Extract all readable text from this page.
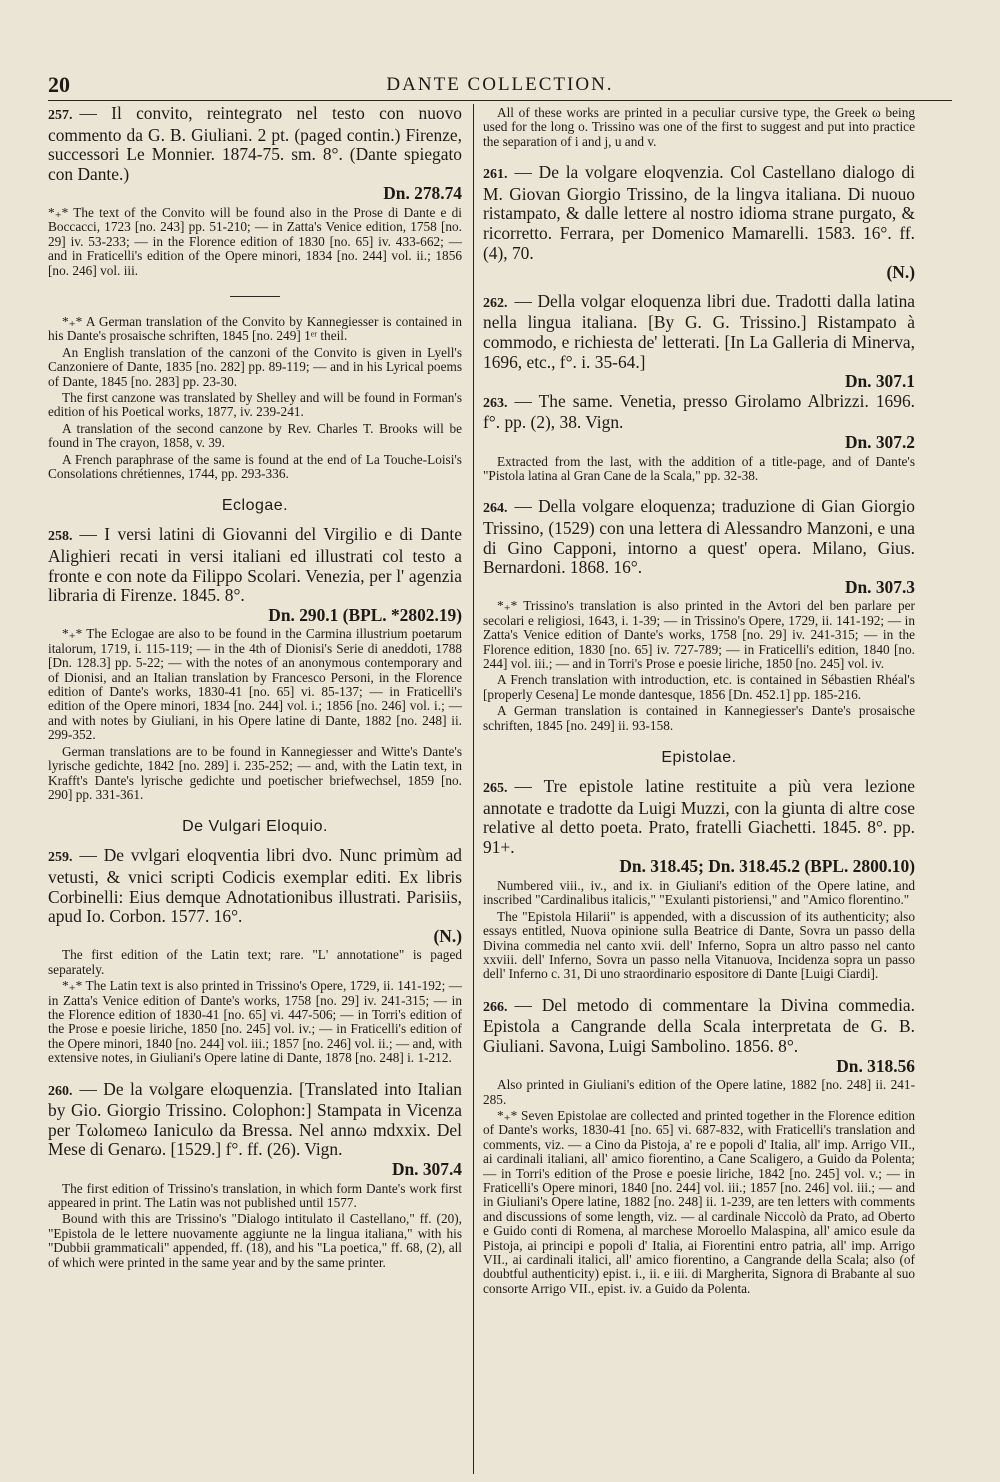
20	DANTE COLLECTION.
257. — Il convito, reintegrato nel testo con nuovo commento da G. B. Giuliani. 2 pt. (paged contin.) Firenze, successori Le Monnier. 1874-75. sm. 8°. (Dante spiegato con Dante.)
Dn. 278.74

*₊* The text of the Convito will be found also in the Prose di Dante e di Boccacci, 1723 [no. 243] pp. 51-210; — in Zatta's Venice edition, 1758 [no. 29] iv. 53-233; — in the Florence edition of 1830 [no. 65] iv. 433-662; — and in Fraticelli's edition of the Opere minori, 1834 [no. 244] vol. ii.; 1856 [no. 246] vol. iii.

*₊* A German translation of the Convito by Kannegiesser is contained in his Dante's prosaische schriften, 1845 [no. 249] 1ᵉʳ theil.

An English translation of the canzoni of the Convito is given in Lyell's Canzoniere of Dante, 1835 [no. 282] pp. 89-119; — and in his Lyrical poems of Dante, 1845 [no. 283] pp. 23-30.

The first canzone was translated by Shelley and will be found in Forman's edition of his Poetical works, 1877, iv. 239-241.

A translation of the second canzone by Rev. Charles T. Brooks will be found in The crayon, 1858, v. 39.

A French paraphrase of the same is found at the end of La Touche-Loisi's Consolations chrétiennes, 1744, pp. 293-336.

Eclogae.
258. — I versi latini di Giovanni del Virgilio e di Dante Alighieri recati in versi italiani ed illustrati col testo a fronte e con note da Filippo Scolari. Venezia, per l' agenzia libraria di Firenze. 1845. 8°.
Dn. 290.1 (BPL. *2802.19)

*₊* The Eclogae are also to be found in the Carmina illustrium poetarum italorum, 1719, i. 115-119; — in the 4th of Dionisi's Serie di aneddoti, 1788 [Dn. 128.3] pp. 5-22; — with the notes of an anonymous contemporary and of Dionisi, and an Italian translation by Francesco Personi, in the Florence edition of Dante's works, 1830-41 [no. 65] vi. 85-137; — in Fraticelli's edition of the Opere minori, 1834 [no. 244] vol. i.; 1856 [no. 246] vol. i.; — and with notes by Giuliani, in his Opere latine di Dante, 1882 [no. 248] ii. 299-352.

German translations are to be found in Kannegiesser and Witte's Dante's lyrische gedichte, 1842 [no. 289] i. 235-252; — and, with the Latin text, in Krafft's Dante's lyrische gedichte und poetischer briefwechsel, 1859 [no. 290] pp. 331-361.

De Vulgari Eloquio.
259. — De vvlgari eloqventia libri dvo. Nunc primùm ad vetusti, & vnici scripti Codicis exemplar editi. Ex libris Corbinelli: Eius demque Adnotationibus illustrati. Parisiis, apud Io. Corbon. 1577. 16°.
(N.)

The first edition of the Latin text; rare. "L' annotatione" is paged separately.

*₊* The Latin text is also printed in Trissino's Opere, 1729, ii. 141-192; — in Zatta's Venice edition of Dante's works, 1758 [no. 29] iv. 241-315; — in the Florence edition of 1830-41 [no. 65] vi. 447-506; — in Torri's edition of the Prose e poesie liriche, 1850 [no. 245] vol. iv.; — in Fraticelli's edition of the Opere minori, 1840 [no. 244] vol. iii.; 1857 [no. 246] vol. ii.; — and, with extensive notes, in Giuliani's Opere latine di Dante, 1878 [no. 248] i. 1-212.

260. — De la vωlgare elωquenzia. [Translated into Italian by Gio. Giorgio Trissino. Colophon:] Stampata in Vicenza per Tωlωmeω Ianiculω da Bressa. Nel annω mdxxix. Del Mese di Genarω. [1529.] f°. ff. (26). Vign.
Dn. 307.4

The first edition of Trissino's translation, in which form Dante's work first appeared in print. The Latin was not published until 1577.

Bound with this are Trissino's "Dialogo intitulato il Castellano," ff. (20), "Epistola de le lettere nuovamente aggiunte ne la lingua italiana," with his "Dubbii grammaticali" appended, ff. (18), and his "La poetica," ff. 68, (2), all of which were printed in the same year and by the same printer.

All of these works are printed in a peculiar cursive type, the Greek ω being used for the long o. Trissino was one of the first to suggest and put into practice the separation of i and j, u and v.

261. — De la volgare eloqvenzia. Col Castellano dialogo di M. Giovan Giorgio Trissino, de la lingva italiana. Di nuouo ristampato, & dalle lettere al nostro idioma strane purgato, & ricorretto. Ferrara, per Domenico Mamarelli. 1583. 16°. ff. (4), 70.
(N.)
262. — Della volgar eloquenza libri due. Tradotti dalla latina nella lingua italiana. [By G. G. Trissino.] Ristampato à commodo, e richiesta de' letterati. [In La Galleria di Minerva, 1696, etc., f°. i. 35-64.]
Dn. 307.1
263. — The same. Venetia, presso Girolamo Albrizzi. 1696. f°. pp. (2), 38. Vign.
Dn. 307.2

Extracted from the last, with the addition of a title-page, and of Dante's "Pistola latina al Gran Cane de la Scala," pp. 32-38.

264. — Della volgare eloquenza; traduzione di Gian Giorgio Trissino, (1529) con una lettera di Alessandro Manzoni, e una di Gino Capponi, intorno a quest' opera. Milano, Gius. Bernardoni. 1868. 16°.
Dn. 307.3

*₊* Trissino's translation is also printed in the Avtori del ben parlare per secolari e religiosi, 1643, i. 1-39; — in Trissino's Opere, 1729, ii. 141-192; — in Zatta's Venice edition of Dante's works, 1758 [no. 29] iv. 241-315; — in the Florence edition, 1830 [no. 65] iv. 727-789; — in Fraticelli's edition, 1840 [no. 244] vol. iii.; — and in Torri's Prose e poesie liriche, 1850 [no. 245] vol. iv.

A French translation with introduction, etc. is contained in Sébastien Rhéal's [properly Cesena] Le monde dantesque, 1856 [Dn. 452.1] pp. 185-216.

A German translation is contained in Kannegiesser's Dante's prosaische schriften, 1845 [no. 249] ii. 93-158.

Epistolae.
265. — Tre epistole latine restituite a più vera lezione annotate e tradotte da Luigi Muzzi, con la giunta di altre cose relative al detto poeta. Prato, fratelli Giachetti. 1845. 8°. pp. 91+.
Dn. 318.45; Dn. 318.45.2 (BPL. 2800.10)

Numbered viii., iv., and ix. in Giuliani's edition of the Opere latine, and inscribed "Cardinalibus italicis," "Exulanti pistoriensi," and "Amico florentino."

The "Epistola Hilarii" is appended, with a discussion of its authenticity; also essays entitled, Nuova opinione sulla Beatrice di Dante, Sovra un passo della Divina commedia nel canto xvii. dell' Inferno, Sopra un altro passo nel canto xxviii. dell' Inferno, Sovra un passo nella Vitanuova, Incidenza sopra un passo dell' Inferno c. 31, Di uno straordinario espositore di Dante [Luigi Ciardi].

266. — Del metodo di commentare la Divina commedia. Epistola a Cangrande della Scala interpretata de G. B. Giuliani. Savona, Luigi Sambolino. 1856. 8°.
Dn. 318.56

Also printed in Giuliani's edition of the Opere latine, 1882 [no. 248] ii. 241-285.

*₊* Seven Epistolae are collected and printed together in the Florence edition of Dante's works, 1830-41 [no. 65] vi. 687-832, with Fraticelli's translation and comments, viz. — a Cino da Pistoja, a' re e popoli d' Italia, all' imp. Arrigo VII., ai cardinali italiani, all' amico fiorentino, a Cane Scaligero, a Guido da Polenta; — in Torri's edition of the Prose e poesie liriche, 1842 [no. 245] vol. v.; — in Fraticelli's Opere minori, 1840 [no. 244] vol. iii.; 1857 [no. 246] vol. iii.; — and in Giuliani's Opere latine, 1882 [no. 248] ii. 1-239, are ten letters with comments and discussions of some length, viz. — al cardinale Niccolò da Prato, ad Oberto e Guido conti di Romena, al marchese Moroello Malaspina, all' amico esule da Pistoja, ai principi e popoli d' Italia, ai Fiorentini entro patria, all' imp. Arrigo VII., ai cardinali italici, all' amico fiorentino, a Cangrande della Scala; also (of doubtful authenticity) epist. i., ii. e iii. di Margherita, Signora di Brabante al suo consorte Arrigo VII., epist. iv. a Guido da Polenta.
